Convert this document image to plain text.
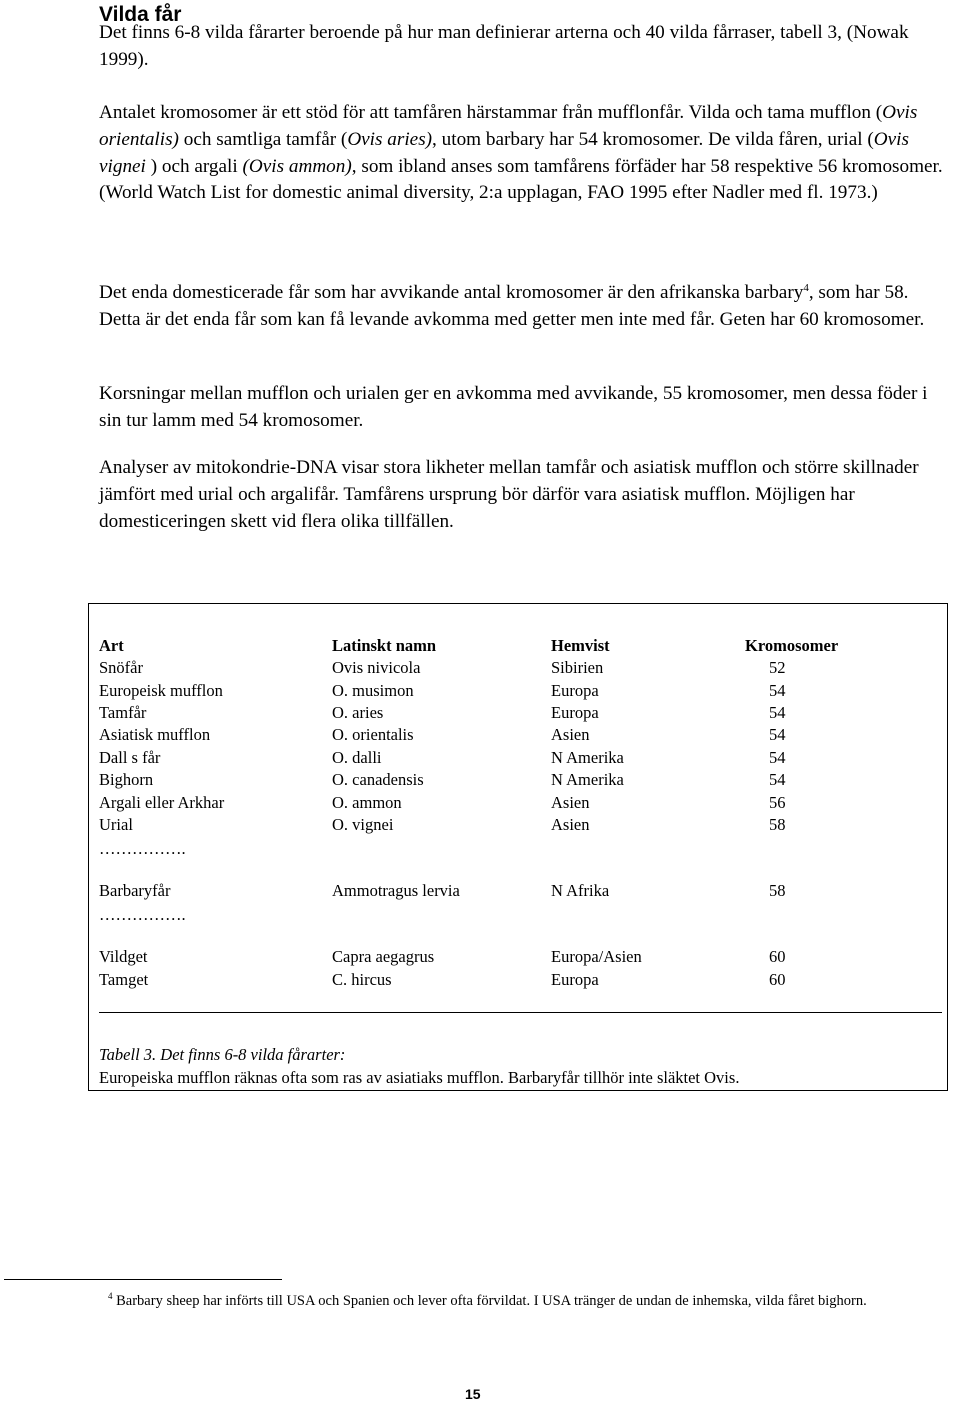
Vilda får

Det finns 6-8 vilda fårarter beroende på hur man definierar arterna och 40 vilda fårraser, tabell 3, (Nowak 1999).

Antalet kromosomer är ett stöd för att tamfåren härstammar från mufflonfår. Vilda och tama mufflon (Ovis orientalis) och samtliga tamfår (Ovis aries), utom barbary har 54 kromosomer. De vilda fåren, urial (Ovis vignei ) och argali (Ovis ammon), som ibland anses som tamfårens förfäder har 58 respektive 56 kromosomer. (World Watch List for domestic animal diversity, 2:a upplagan, FAO 1995 efter Nadler med fl. 1973.)

Det enda domesticerade får som har avvikande antal kromosomer är den afrikanska barbary$^4$, som har 58. Detta är det enda får som kan få levande avkomma med getter men inte med får. Geten har 60 kromosomer.

Korsningar mellan mufflon och urialen ger en avkomma med avvikande, 55 kromosomer, men dessa föder i sin tur lamm med 54 kromosomer.

Analyser av mitokondrie-DNA visar stora likheter mellan tamfår och asiatisk mufflon och större skillnader jämfört med urial och argalifår. Tamfårens ursprung bör därför vara asiatisk mufflon. Möjligen har domesticeringen skett vid flera olika tillfällen.

Art	Latinskt namn	Hemvist	Kromosomer
Snöfår	Ovis nivicola	Sibirien	52
Europeisk mufflon	O. musimon	Europa	54
Tamfår	O. aries	Europa	54
Asiatisk mufflon	O. orientalis	Asien	54
Dall s får	O. dalli	N Amerika	54
Bighorn	O. canadensis	N Amerika	54
Argali eller Arkhar	O. ammon	Asien	56
Urial	O. vignei	Asien	58
…………….
Barbaryfår	Ammotragus lervia	N Afrika	58
…………….
Vildget	Capra aegagrus	Europa/Asien	60
Tamget	C. hircus	Europa	60
Tabell 3. Det finns 6-8 vilda fårarter:
Europeiska mufflon räknas ofta som ras av asiatiaks mufflon. Barbaryfår tillhör inte släktet Ovis.
$^4$ Barbary sheep har införts till USA och Spanien och lever ofta förvildat. I USA tränger de undan de inhemska, vilda fåret bighorn.
15
